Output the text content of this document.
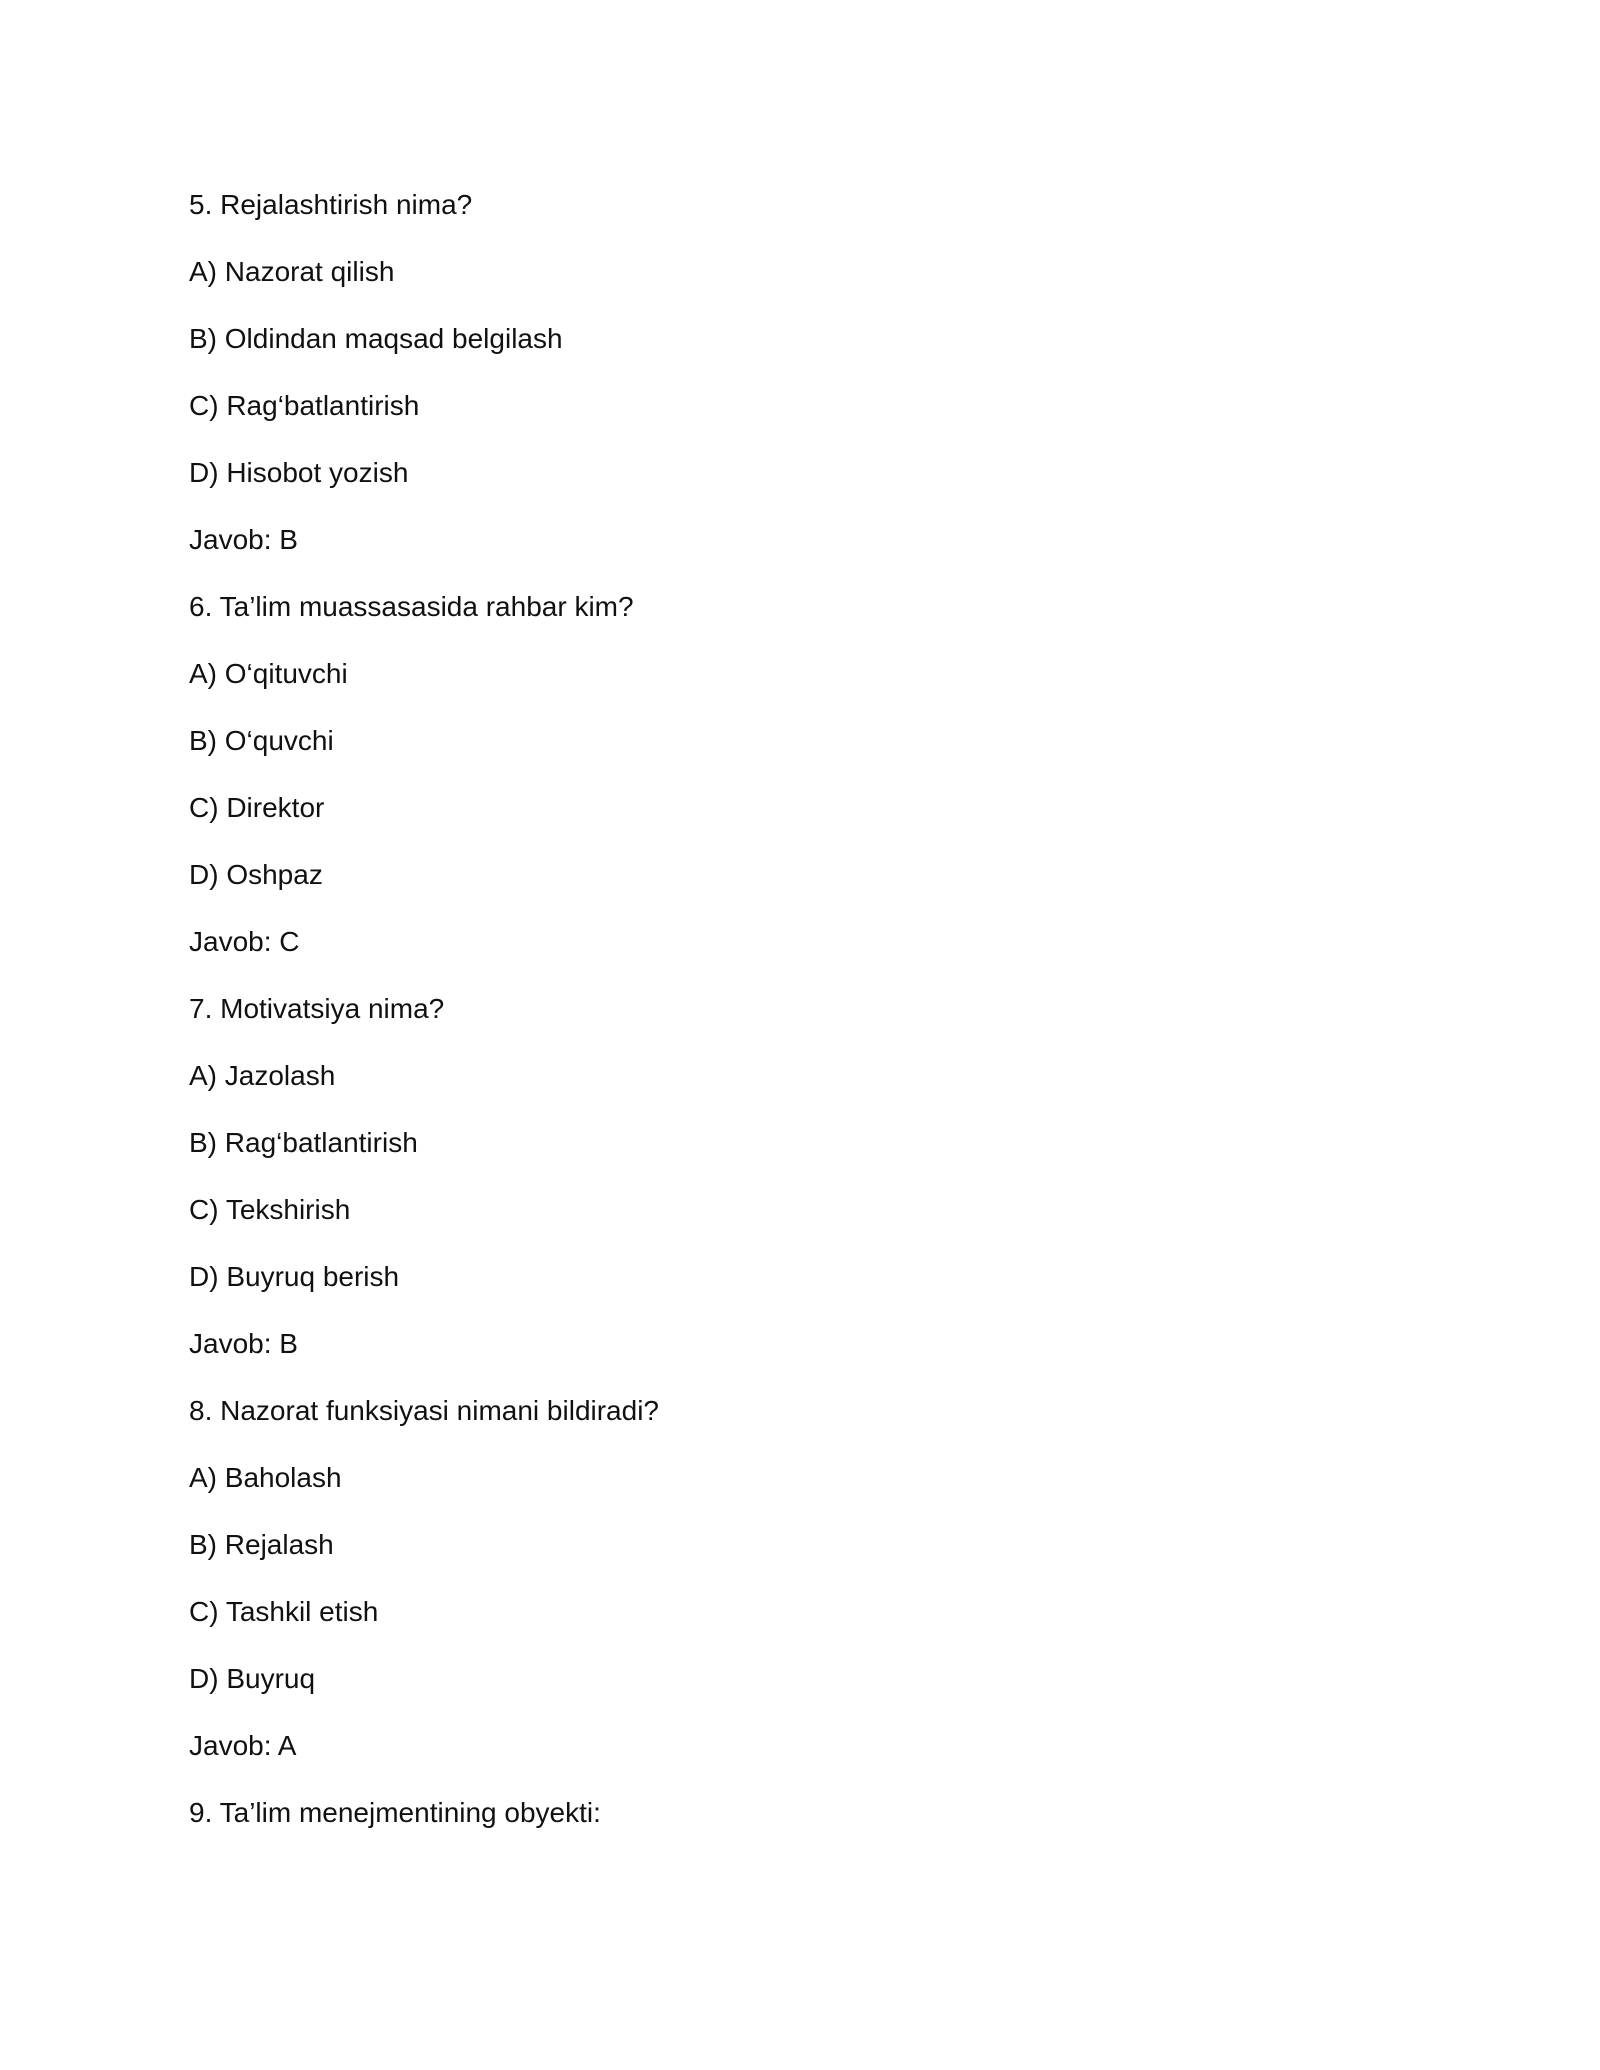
5. Rejalashtirish nima?
A) Nazorat qilish
B) Oldindan maqsad belgilash
C) Rag‘batlantirish
D) Hisobot yozish
Javob: B
6. Ta’lim muassasasida rahbar kim?
A) O‘qituvchi
B) O‘quvchi
C) Direktor
D) Oshpaz
Javob: C
7. Motivatsiya nima?
A) Jazolash
B) Rag‘batlantirish
C) Tekshirish
D) Buyruq berish
Javob: B
8. Nazorat funksiyasi nimani bildiradi?
A) Baholash
B) Rejalash
C) Tashkil etish
D) Buyruq
Javob: A
9. Ta’lim menejmentining obyekti:
